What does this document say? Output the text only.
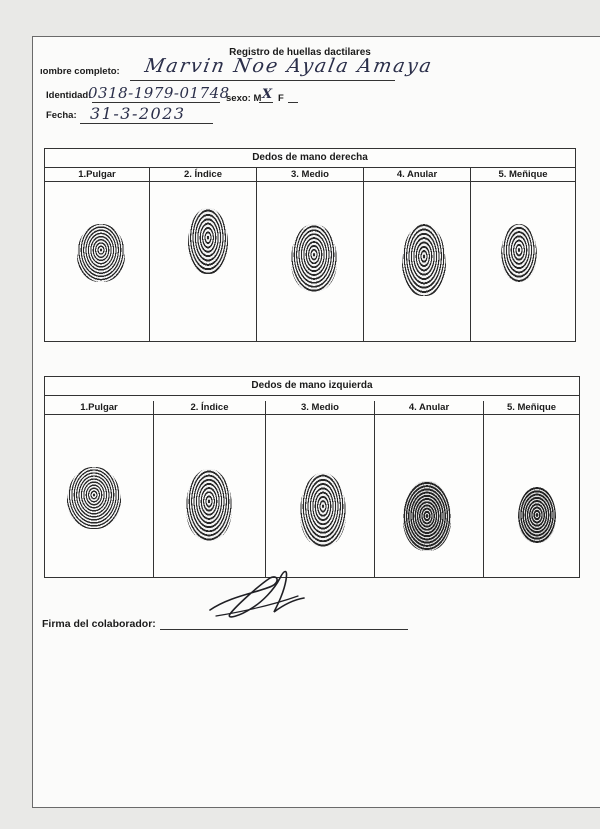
Registro de huellas dactilares
ıombre completo: Marvin Noe Ayala Amaya
Identidad:
0318-1979-01748
sexo: M X F
Fecha: 31-3-2023
Dedos de mano derecha
1.Pulgar	2. Índice	3. Medio	4. Anular	5. Meñique
Dedos de mano izquierda
1.Pulgar	2. Índice	3. Medio	4. Anular	5. Meñique
Firma del colaborador:
